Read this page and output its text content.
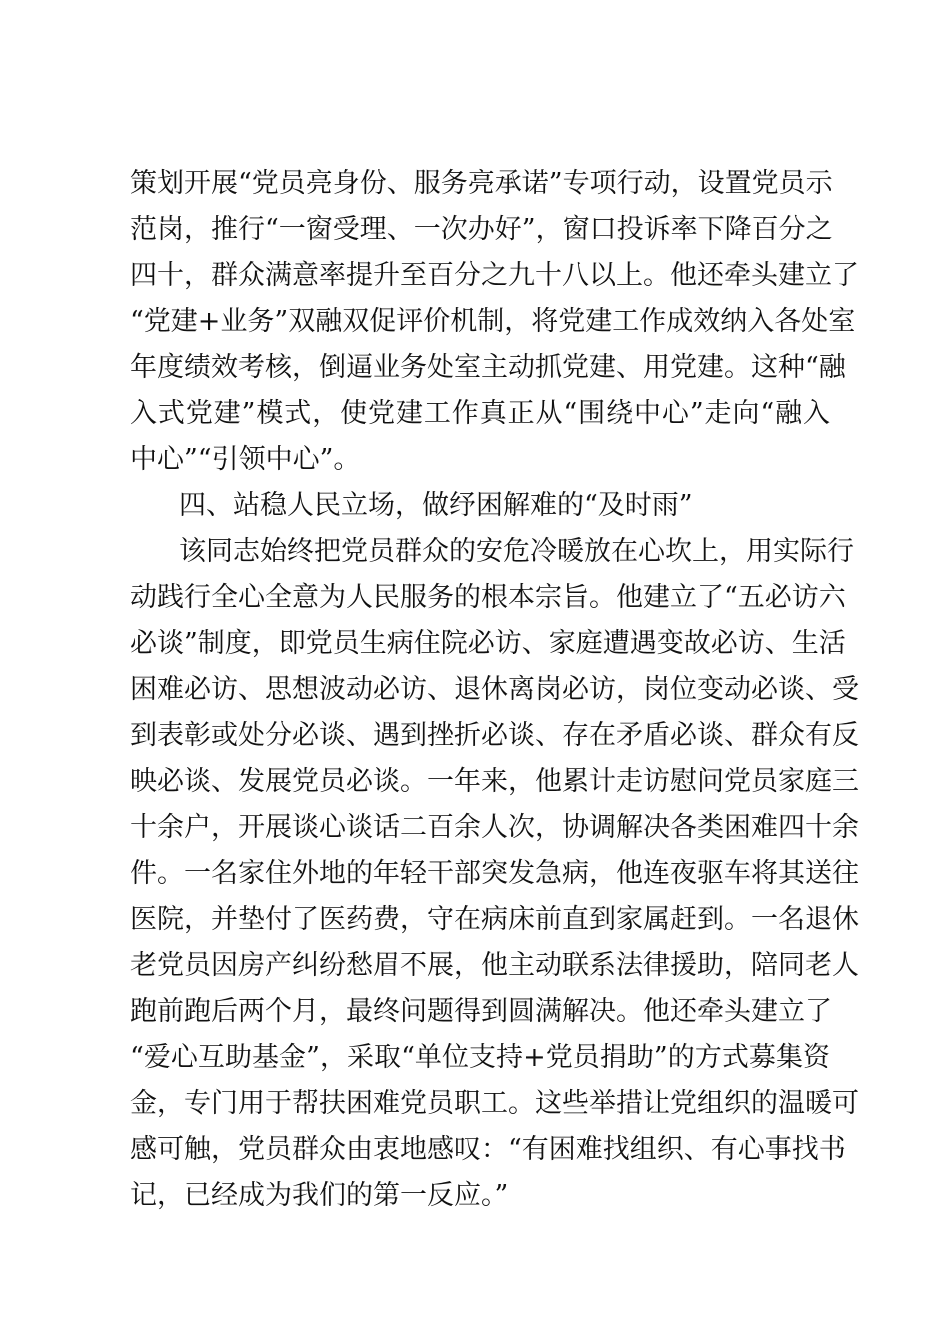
策划开展“党员亮身份、服务亮承诺”专项行动，设置党员示
范岗，推行“一窗受理、一次办好”，窗口投诉率下降百分之
四十，群众满意率提升至百分之九十八以上。他还牵头建立了
“党建+业务”双融双促评价机制，将党建工作成效纳入各处室
年度绩效考核，倒逼业务处室主动抓党建、用党建。这种“融
入式党建”模式，使党建工作真正从“围绕中心”走向“融入
中心”“引领中心”。
四、站稳人民立场，做纾困解难的“及时雨”
该同志始终把党员群众的安危冷暖放在心坎上，用实际行
动践行全心全意为人民服务的根本宗旨。他建立了“五必访六
必谈”制度，即党员生病住院必访、家庭遭遇变故必访、生活
困难必访、思想波动必访、退休离岗必访，岗位变动必谈、受
到表彰或处分必谈、遇到挫折必谈、存在矛盾必谈、群众有反
映必谈、发展党员必谈。一年来，他累计走访慰问党员家庭三
十余户，开展谈心谈话二百余人次，协调解决各类困难四十余
件。一名家住外地的年轻干部突发急病，他连夜驱车将其送往
医院，并垫付了医药费，守在病床前直到家属赶到。一名退休
老党员因房产纠纷愁眉不展，他主动联系法律援助，陪同老人
跑前跑后两个月，最终问题得到圆满解决。他还牵头建立了
“爱心互助基金”，采取“单位支持+党员捐助”的方式募集资
金，专门用于帮扶困难党员职工。这些举措让党组织的温暖可
感可触，党员群众由衷地感叹：“有困难找组织、有心事找书
记，已经成为我们的第一反应。”
